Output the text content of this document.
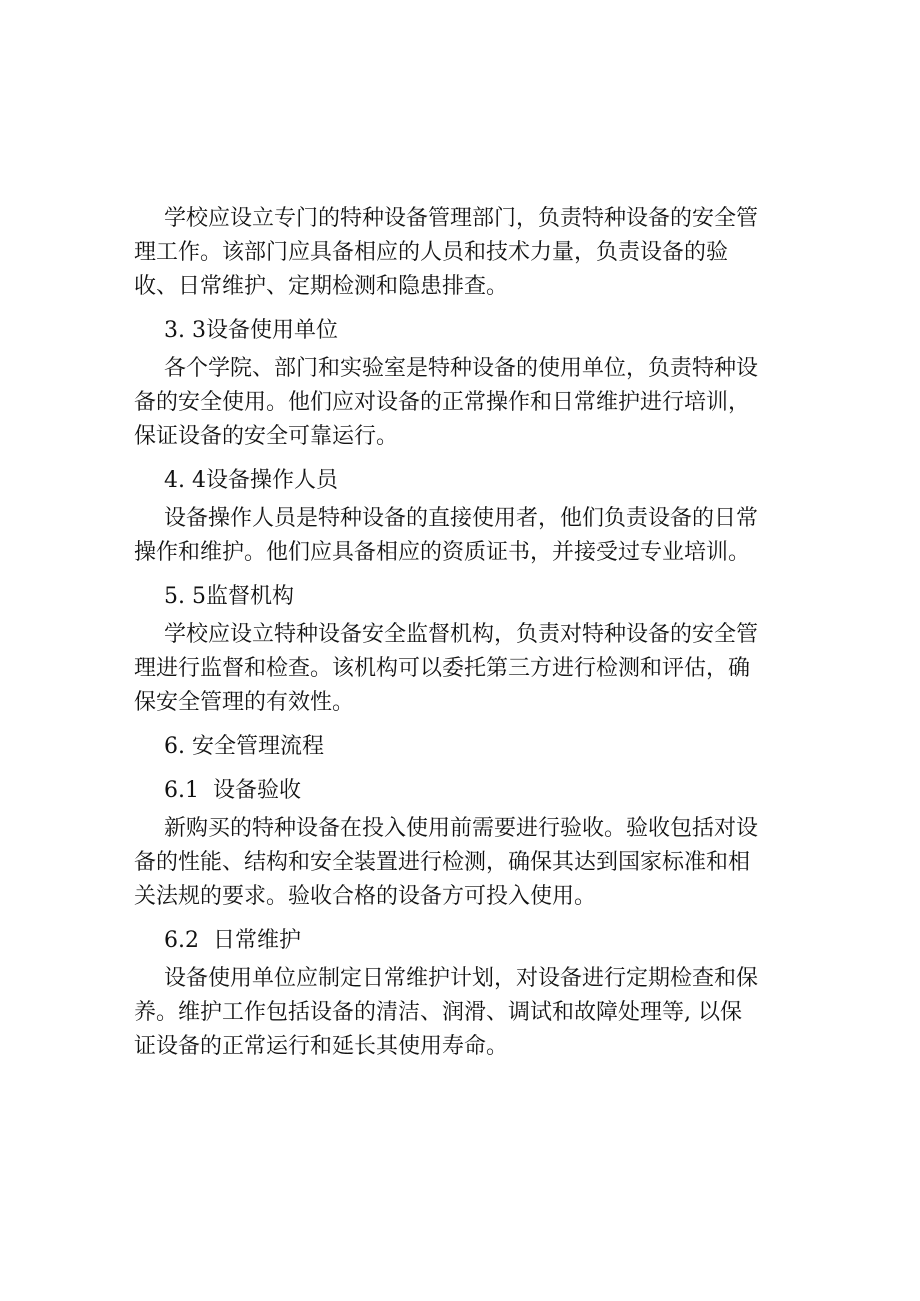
学校应设立专门的特种设备管理部门，负责特种设备的安全管
理工作。该部门应具备相应的人员和技术力量，负责设备的验
收、日常维护、定期检测和隐患排查。

3. 3设备使用单位

各个学院、部门和实验室是特种设备的使用单位，负责特种设
备的安全使用。他们应对设备的正常操作和日常维护进行培训，
保证设备的安全可靠运行。

4. 4设备操作人员

设备操作人员是特种设备的直接使用者，他们负责设备的日常
操作和维护。他们应具备相应的资质证书，并接受过专业培训。

5. 5监督机构

学校应设立特种设备安全监督机构，负责对特种设备的安全管
理进行监督和检查。该机构可以委托第三方进行检测和评估，确
保安全管理的有效性。

6. 安全管理流程

6.1  设备验收

新购买的特种设备在投入使用前需要进行验收。验收包括对设
备的性能、结构和安全装置进行检测，确保其达到国家标准和相
关法规的要求。验收合格的设备方可投入使用。

6.2  日常维护

设备使用单位应制定日常维护计划，对设备进行定期检查和保
养。维护工作包括设备的清洁、润滑、调试和故障处理等, 以保
证设备的正常运行和延长其使用寿命。
